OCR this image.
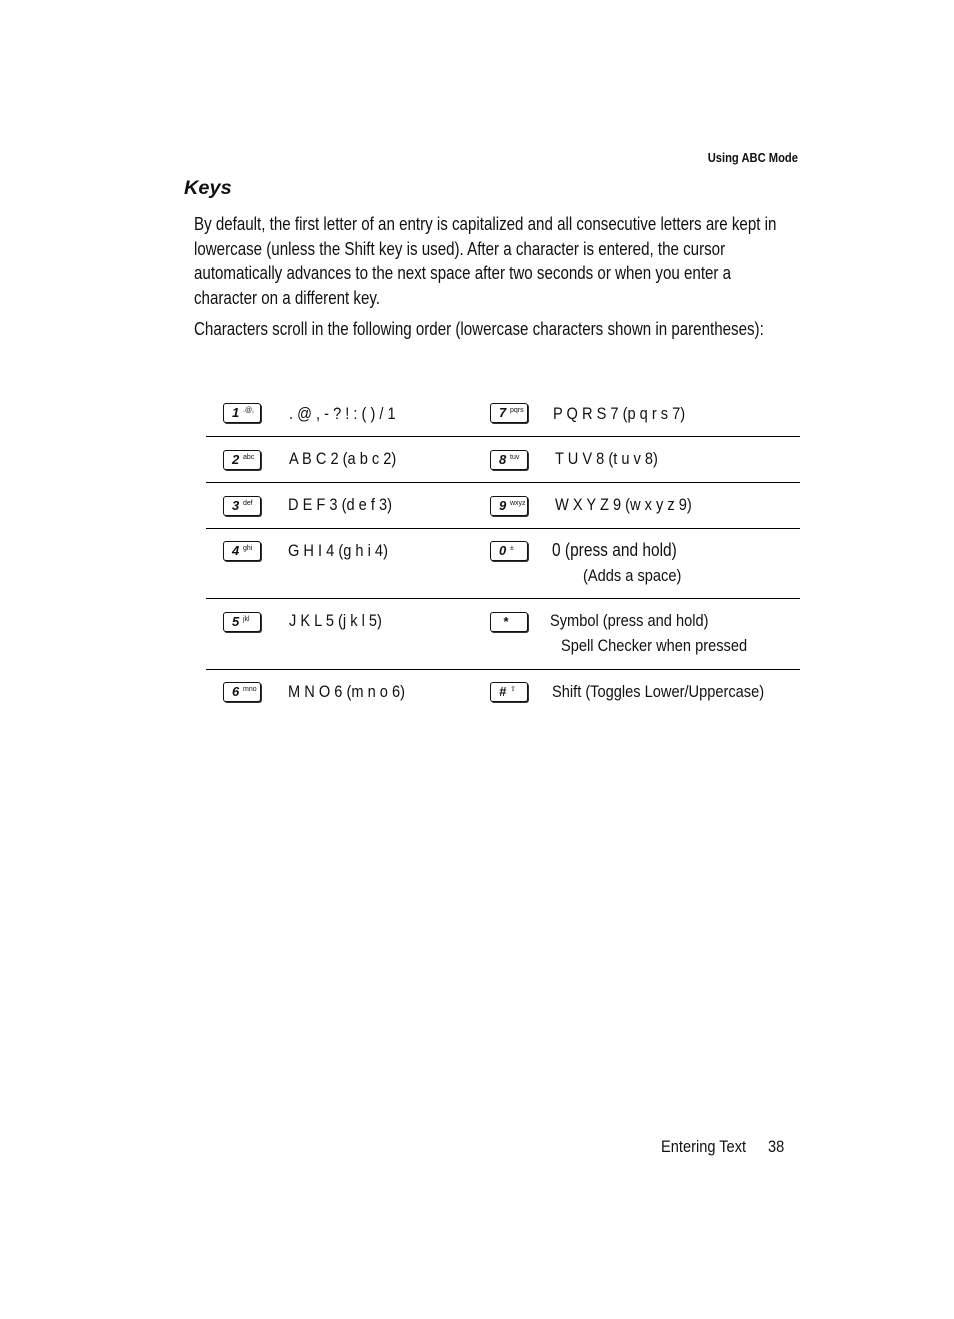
Using ABC Mode
Keys

By default, the first letter of an entry is capitalized and all consecutive letters are kept in lowercase (unless the Shift key is used). After a character is entered, the cursor automatically advances to the next space after two seconds or when you enter a character on a different key.

Characters scroll in the following order (lowercase characters shown in parentheses):

1 .@, . @ , - ? ! : ( ) / 1	7 pqrs P Q R S 7 (p q r s 7)
2 abc A B C 2 (a b c 2)	8 tuv T U V 8 (t u v 8)
3 def D E F 3 (d e f 3)	9 wxyz W X Y Z 9 (w x y z 9)
4 ghi G H I 4 (g h i 4)	0 ± 0 (press and hold)
(Adds a space)
5 jkl J K L 5 (j k l 5)	* Symbol (press and hold)
Spell Checker when pressed
6 mno M N O 6 (m n o 6)	# ⇧ Shift (Toggles Lower/Uppercase)
Entering Text 38
